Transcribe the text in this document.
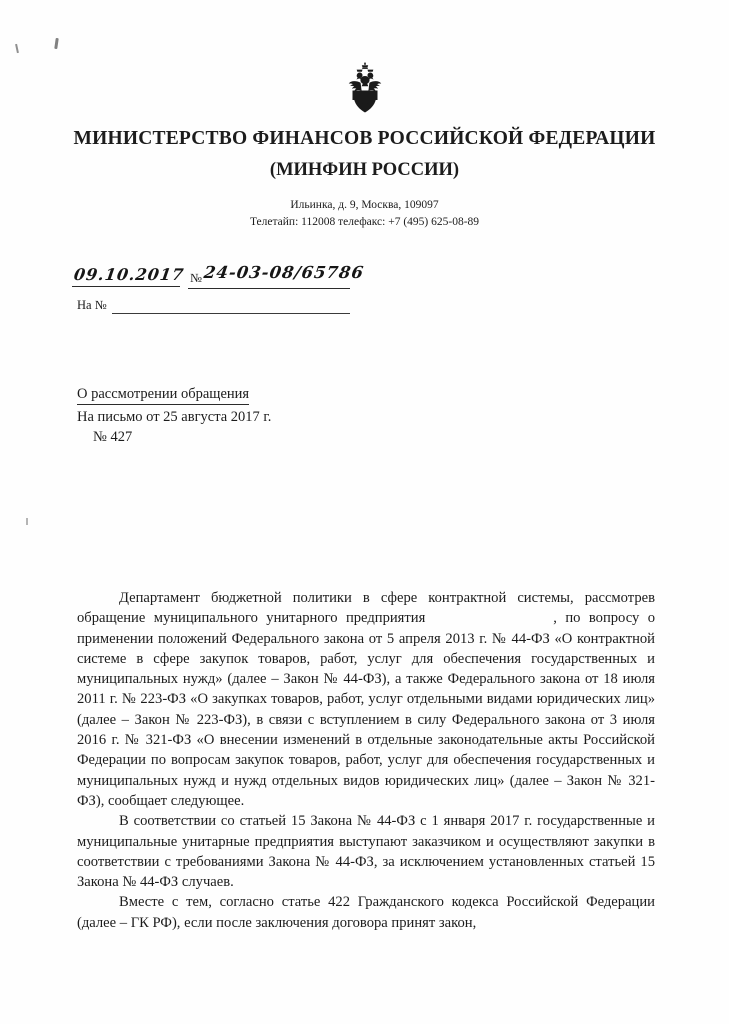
МИНИСТЕРСТВО ФИНАНСОВ РОССИЙСКОЙ ФЕДЕРАЦИИ
(МИНФИН РОССИИ)
Ильинка, д. 9, Москва, 109097
Телетайп: 112008 телефакс: +7 (495) 625-08-89
09.10.2017 № 24-03-08/65786
На №
О рассмотрении обращения
На письмо от 25 августа 2017 г.
№ 427

Департамент бюджетной политики в сфере контрактной системы, рассмотрев обращение муниципального унитарного предприятия	, по вопросу о применении положений Федерального закона от 5 апреля 2013 г. № 44-ФЗ «О контрактной системе в сфере закупок товаров, работ, услуг для обеспечения государственных и муниципальных нужд» (далее – Закон № 44-ФЗ), а также Федерального закона от 18 июля 2011 г. № 223-ФЗ «О закупках товаров, работ, услуг отдельными видами юридических лиц» (далее – Закон № 223-ФЗ), в связи с вступлением в силу Федерального закона от 3 июля 2016 г. № 321-ФЗ «О внесении изменений в отдельные законодательные акты Российской Федерации по вопросам закупок товаров, работ, услуг для обеспечения государственных и муниципальных нужд и нужд отдельных видов юридических лиц» (далее – Закон № 321-ФЗ), сообщает следующее.

В соответствии со статьей 15 Закона № 44-ФЗ с 1 января 2017 г. государственные и муниципальные унитарные предприятия выступают заказчиком и осуществляют закупки в соответствии с требованиями Закона № 44-ФЗ, за исключением установленных статьей 15 Закона № 44-ФЗ случаев.

Вместе с тем, согласно статье 422 Гражданского кодекса Российской Федерации (далее – ГК РФ), если после заключения договора принят закон,
